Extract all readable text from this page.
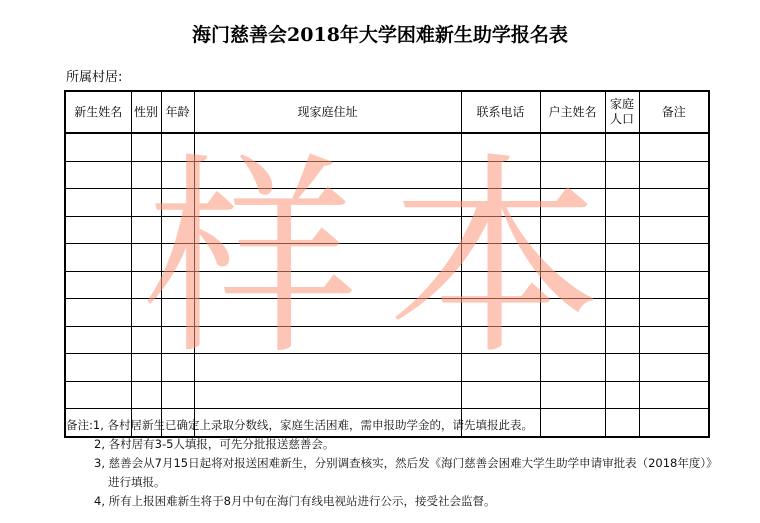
海门慈善会2018年大学困难新生助学报名表
所属村居:
新生姓名	性别	年龄	现家庭住址	联系电话	户主姓名	家庭人口	备注

样本
备注:1, 各村居新生已确定上录取分数线，家庭生活困难，需申报助学金的，请先填报此表。
2, 各村居有3-5人填报，可先分批报送慈善会。
3, 慈善会从7月15日起将对报送困难新生，分别调查核实，然后发《海门慈善会困难大学生助学申请审批表（2018年度）》
进行填报。
4, 所有上报困难新生将于8月中旬在海门有线电视站进行公示，接受社会监督。
